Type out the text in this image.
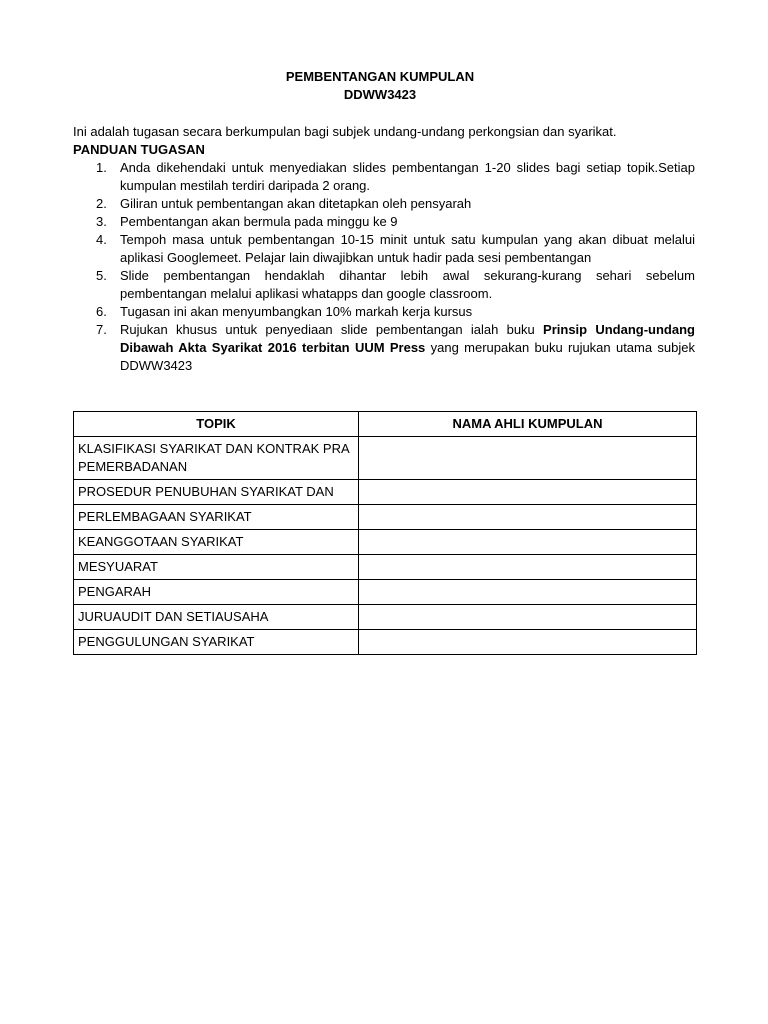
PEMBENTANGAN KUMPULAN
DDWW3423
Ini adalah tugasan secara berkumpulan bagi subjek undang-undang perkongsian dan syarikat.
PANDUAN TUGASAN
1. Anda dikehendaki untuk menyediakan slides pembentangan 1-20 slides bagi setiap topik.Setiap kumpulan mestilah terdiri daripada 2 orang.
2. Giliran untuk pembentangan akan ditetapkan oleh pensyarah
3. Pembentangan akan bermula pada minggu ke 9
4. Tempoh masa untuk pembentangan 10-15 minit untuk satu kumpulan yang akan dibuat melalui aplikasi Googlemeet. Pelajar lain diwajibkan untuk hadir pada sesi pembentangan
5. Slide pembentangan hendaklah dihantar lebih awal sekurang-kurang sehari sebelum pembentangan melalui aplikasi whatapps dan google classroom.
6. Tugasan ini akan menyumbangkan 10% markah kerja kursus
7. Rujukan khusus untuk penyediaan slide pembentangan ialah buku Prinsip Undang-undang Dibawah Akta Syarikat 2016 terbitan UUM Press yang merupakan buku rujukan utama subjek DDWW3423
TOPIK	NAMA AHLI KUMPULAN
KLASIFIKASI SYARIKAT DAN KONTRAK PRA PEMERBADANAN	
PROSEDUR PENUBUHAN SYARIKAT DAN	
PERLEMBAGAAN SYARIKAT	
KEANGGOTAAN SYARIKAT	
MESYUARAT	
PENGARAH	
JURUAUDIT DAN SETIAUSAHA	
PENGGULUNGAN SYARIKAT	
